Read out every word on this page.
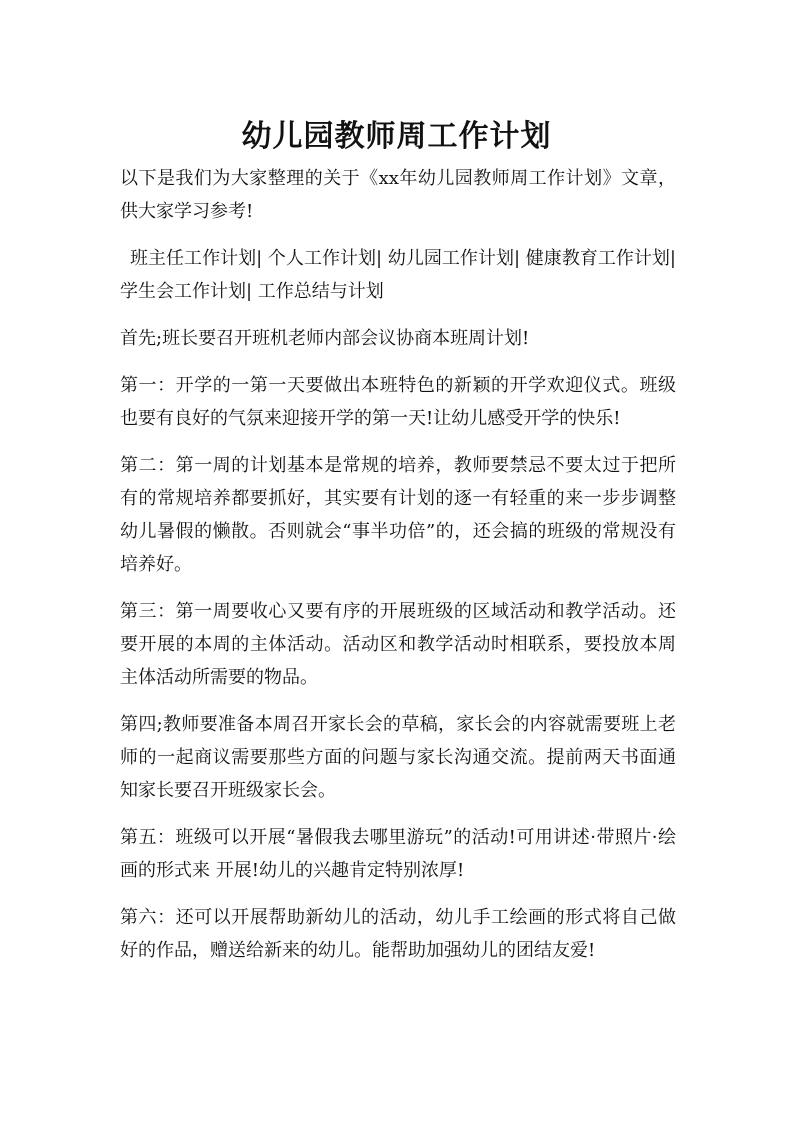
幼儿园教师周工作计划

以下是我们为大家整理的关于《xx年幼儿园教师周工作计划》文章，供大家学习参考!

班主任工作计划| 个人工作计划| 幼儿园工作计划| 健康教育工作计划| 学生会工作计划| 工作总结与计划

首先;班长要召开班机老师内部会议协商本班周计划!

第一：开学的一第一天要做出本班特色的新颖的开学欢迎仪式。班级也要有良好的气氛来迎接开学的第一天!让幼儿感受开学的快乐!

第二：第一周的计划基本是常规的培养，教师要禁忌不要太过于把所有的常规培养都要抓好，其实要有计划的逐一有轻重的来一步步调整幼儿暑假的懒散。否则就会“事半功倍”的，还会搞的班级的常规没有培养好。

第三：第一周要收心又要有序的开展班级的区域活动和教学活动。还要开展的本周的主体活动。活动区和教学活动时相联系，要投放本周主体活动所需要的物品。

第四;教师要准备本周召开家长会的草稿，家长会的内容就需要班上老师的一起商议需要那些方面的问题与家长沟通交流。提前两天书面通知家长要召开班级家长会。

第五：班级可以开展“暑假我去哪里游玩”的活动!可用讲述·带照片·绘画的形式来 开展!幼儿的兴趣肯定特别浓厚!

第六：还可以开展帮助新幼儿的活动，幼儿手工绘画的形式将自己做好的作品，赠送给新来的幼儿。能帮助加强幼儿的团结友爱!
